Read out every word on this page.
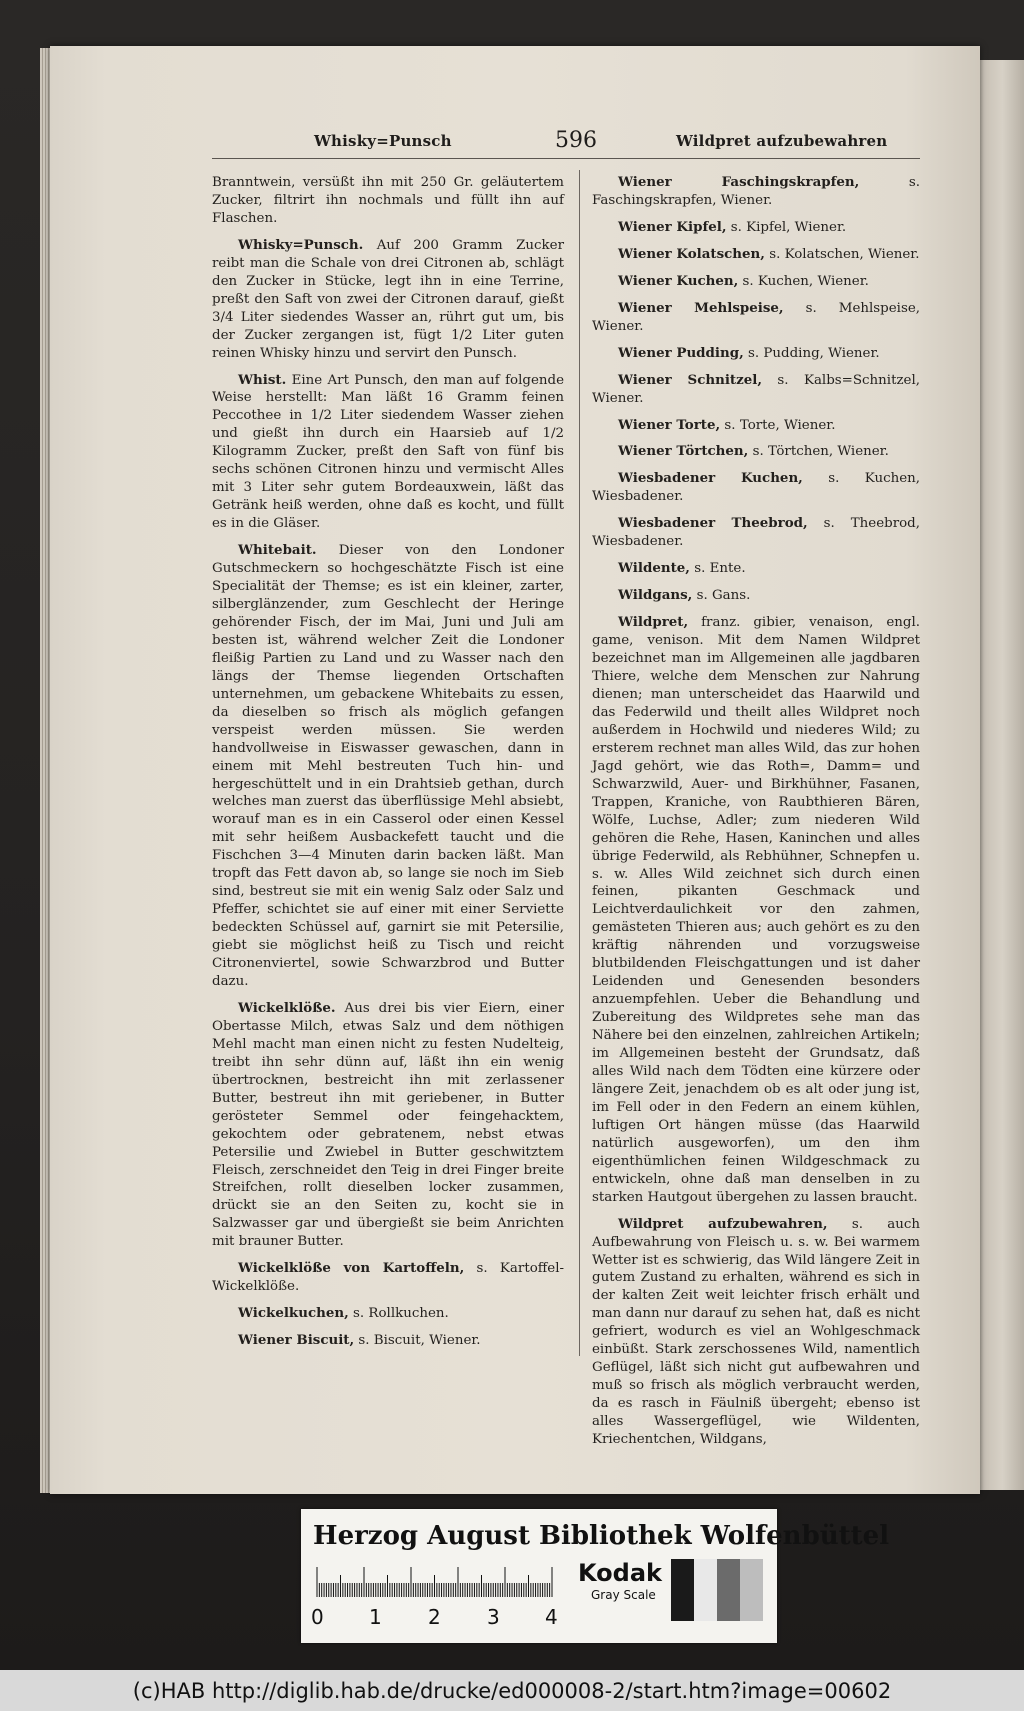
Whisky=Punsch	596	Wildpret aufzubewahren

Branntwein, versüßt ihn mit 250 Gr. geläutertem Zucker, filtrirt ihn nochmals und füllt ihn auf Flaschen.

Whisky=Punsch. Auf 200 Gramm Zucker reibt man die Schale von drei Citronen ab, schlägt den Zucker in Stücke, legt ihn in eine Terrine, preßt den Saft von zwei der Citronen darauf, gießt 3/4 Liter siedendes Wasser an, rührt gut um, bis der Zucker zergangen ist, fügt 1/2 Liter guten reinen Whisky hinzu und servirt den Punsch.

Whist. Eine Art Punsch, den man auf folgende Weise herstellt: Man läßt 16 Gramm feinen Peccothee in 1/2 Liter siedendem Wasser ziehen und gießt ihn durch ein Haarsieb auf 1/2 Kilogramm Zucker, preßt den Saft von fünf bis sechs schönen Citronen hinzu und vermischt Alles mit 3 Liter sehr gutem Bordeauxwein, läßt das Getränk heiß werden, ohne daß es kocht, und füllt es in die Gläser.

Whitebait. Dieser von den Londoner Gutschmeckern so hochgeschätzte Fisch ist eine Specialität der Themse; es ist ein kleiner, zarter, silberglänzender, zum Geschlecht der Heringe gehörender Fisch, der im Mai, Juni und Juli am besten ist, während welcher Zeit die Londoner fleißig Partien zu Land und zu Wasser nach den längs der Themse liegenden Ortschaften unternehmen, um gebackene Whitebaits zu essen, da dieselben so frisch als möglich gefangen verspeist werden müssen. Sie werden handvollweise in Eiswasser gewaschen, dann in einem mit Mehl bestreuten Tuch hin- und hergeschüttelt und in ein Drahtsieb gethan, durch welches man zuerst das überflüssige Mehl absiebt, worauf man es in ein Casserol oder einen Kessel mit sehr heißem Ausbackefett taucht und die Fischchen 3—4 Minuten darin backen läßt. Man tropft das Fett davon ab, so lange sie noch im Sieb sind, bestreut sie mit ein wenig Salz oder Salz und Pfeffer, schichtet sie auf einer mit einer Serviette bedeckten Schüssel auf, garnirt sie mit Petersilie, giebt sie möglichst heiß zu Tisch und reicht Citronenviertel, sowie Schwarzbrod und Butter dazu.

Wickelklöße. Aus drei bis vier Eiern, einer Obertasse Milch, etwas Salz und dem nöthigen Mehl macht man einen nicht zu festen Nudelteig, treibt ihn sehr dünn auf, läßt ihn ein wenig übertrocknen, bestreicht ihn mit zerlassener Butter, bestreut ihn mit geriebener, in Butter gerösteter Semmel oder feingehacktem, gekochtem oder gebratenem, nebst etwas Petersilie und Zwiebel in Butter geschwitztem Fleisch, zerschneidet den Teig in drei Finger breite Streifchen, rollt dieselben locker zusammen, drückt sie an den Seiten zu, kocht sie in Salzwasser gar und übergießt sie beim Anrichten mit brauner Butter.

Wickelklöße von Kartoffeln, s. Kartoffel-Wickelklöße.

Wickelkuchen, s. Rollkuchen.

Wiener Biscuit, s. Biscuit, Wiener.

Wiener Faschingskrapfen, s. Faschingskrapfen, Wiener.

Wiener Kipfel, s. Kipfel, Wiener.

Wiener Kolatschen, s. Kolatschen, Wiener.

Wiener Kuchen, s. Kuchen, Wiener.

Wiener Mehlspeise, s. Mehlspeise, Wiener.

Wiener Pudding, s. Pudding, Wiener.

Wiener Schnitzel, s. Kalbs=Schnitzel, Wiener.

Wiener Torte, s. Torte, Wiener.

Wiener Törtchen, s. Törtchen, Wiener.

Wiesbadener Kuchen, s. Kuchen, Wiesbadener.

Wiesbadener Theebrod, s. Theebrod, Wiesbadener.

Wildente, s. Ente.

Wildgans, s. Gans.

Wildpret, franz. gibier, venaison, engl. game, venison. Mit dem Namen Wildpret bezeichnet man im Allgemeinen alle jagdbaren Thiere, welche dem Menschen zur Nahrung dienen; man unterscheidet das Haarwild und das Federwild und theilt alles Wildpret noch außerdem in Hochwild und niederes Wild; zu ersterem rechnet man alles Wild, das zur hohen Jagd gehört, wie das Roth=, Damm= und Schwarzwild, Auer- und Birkhühner, Fasanen, Trappen, Kraniche, von Raubthieren Bären, Wölfe, Luchse, Adler; zum niederen Wild gehören die Rehe, Hasen, Kaninchen und alles übrige Federwild, als Rebhühner, Schnepfen u. s. w. Alles Wild zeichnet sich durch einen feinen, pikanten Geschmack und Leichtverdaulichkeit vor den zahmen, gemästeten Thieren aus; auch gehört es zu den kräftig nährenden und vorzugsweise blutbildenden Fleischgattungen und ist daher Leidenden und Genesenden besonders anzuempfehlen. Ueber die Behandlung und Zubereitung des Wildpretes sehe man das Nähere bei den einzelnen, zahlreichen Artikeln; im Allgemeinen besteht der Grundsatz, daß alles Wild nach dem Tödten eine kürzere oder längere Zeit, jenachdem ob es alt oder jung ist, im Fell oder in den Federn an einem kühlen, luftigen Ort hängen müsse (das Haarwild natürlich ausgeworfen), um den ihm eigenthümlichen feinen Wildgeschmack zu entwickeln, ohne daß man denselben in zu starken Hautgout übergehen zu lassen braucht.

Wildpret aufzubewahren, s. auch Aufbewahrung von Fleisch u. s. w. Bei warmem Wetter ist es schwierig, das Wild längere Zeit in gutem Zustand zu erhalten, während es sich in der kalten Zeit weit leichter frisch erhält und man dann nur darauf zu sehen hat, daß es nicht gefriert, wodurch es viel an Wohlgeschmack einbüßt. Stark zerschossenes Wild, namentlich Geflügel, läßt sich nicht gut aufbewahren und muß so frisch als möglich verbraucht werden, da es rasch in Fäulniß übergeht; ebenso ist alles Wassergeflügel, wie Wildenten, Kriechentchen, Wildgans,

Herzog August Bibliothek Wolfenbüttel
0 1 2 3 4
Kodak
Gray Scale
(c)HAB http://diglib.hab.de/drucke/ed000008-2/start.htm?image=00602
